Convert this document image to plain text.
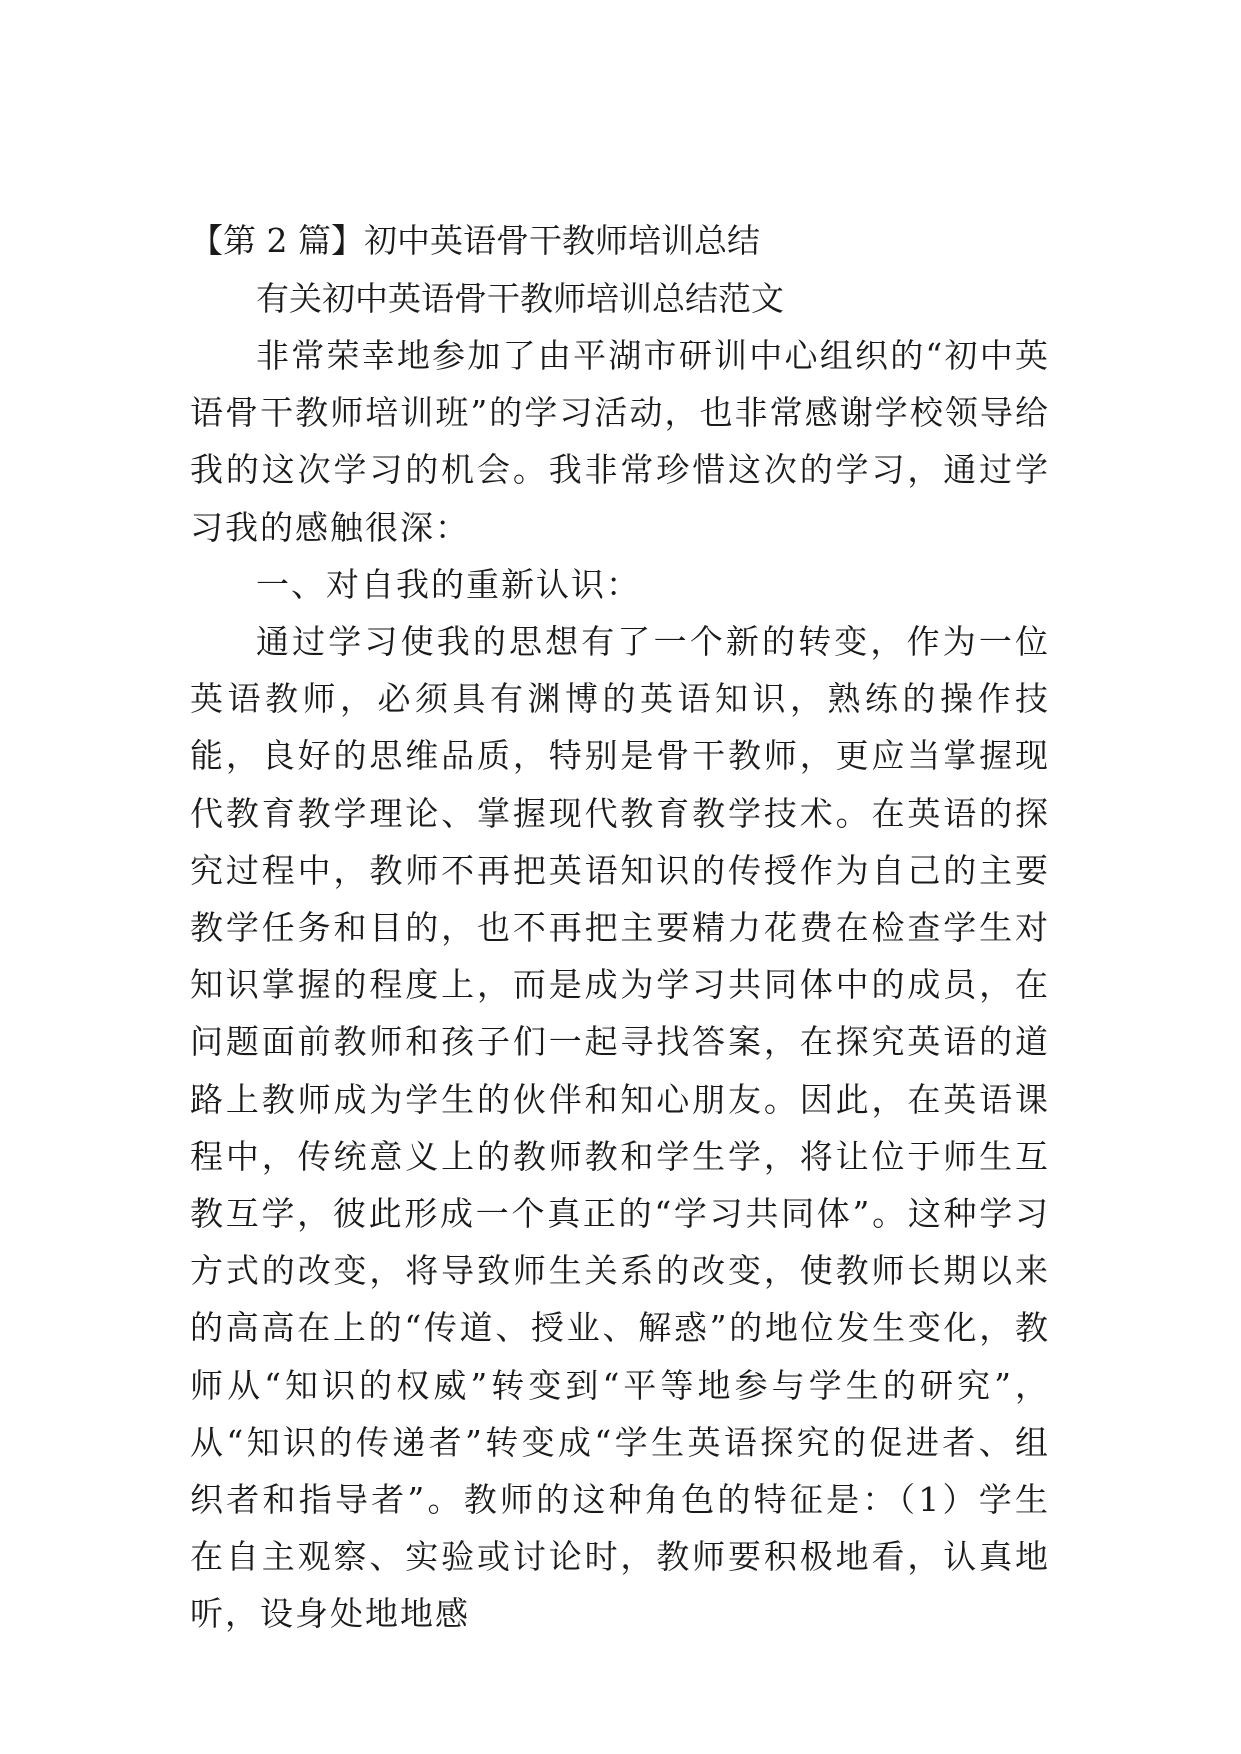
【第 2 篇】初中英语骨干教师培训总结

有关初中英语骨干教师培训总结范文

非常荣幸地参加了由平湖市研训中心组织的“初中英语骨干教师培训班”的学习活动，也非常感谢学校领导给我的这次学习的机会。我非常珍惜这次的学习，通过学习我的感触很深：

一、对自我的重新认识：

通过学习使我的思想有了一个新的转变，作为一位英语教师，必须具有渊博的英语知识，熟练的操作技能，良好的思维品质，特别是骨干教师，更应当掌握现代教育教学理论、掌握现代教育教学技术。在英语的探究过程中，教师不再把英语知识的传授作为自己的主要教学任务和目的，也不再把主要精力花费在检查学生对知识掌握的程度上，而是成为学习共同体中的成员，在问题面前教师和孩子们一起寻找答案，在探究英语的道路上教师成为学生的伙伴和知心朋友。因此，在英语课程中，传统意义上的教师教和学生学，将让位于师生互教互学，彼此形成一个真正的“学习共同体”。这种学习方式的改变，将导致师生关系的改变，使教师长期以来的高高在上的“传道、授业、解惑”的地位发生变化，教师从“知识的权威”转变到“平等地参与学生的研究”，从“知识的传递者”转变成“学生英语探究的促进者、组织者和指导者”。教师的这种角色的特征是：（1）学生在自主观察、实验或讨论时，教师要积极地看，认真地听，设身处地地感
